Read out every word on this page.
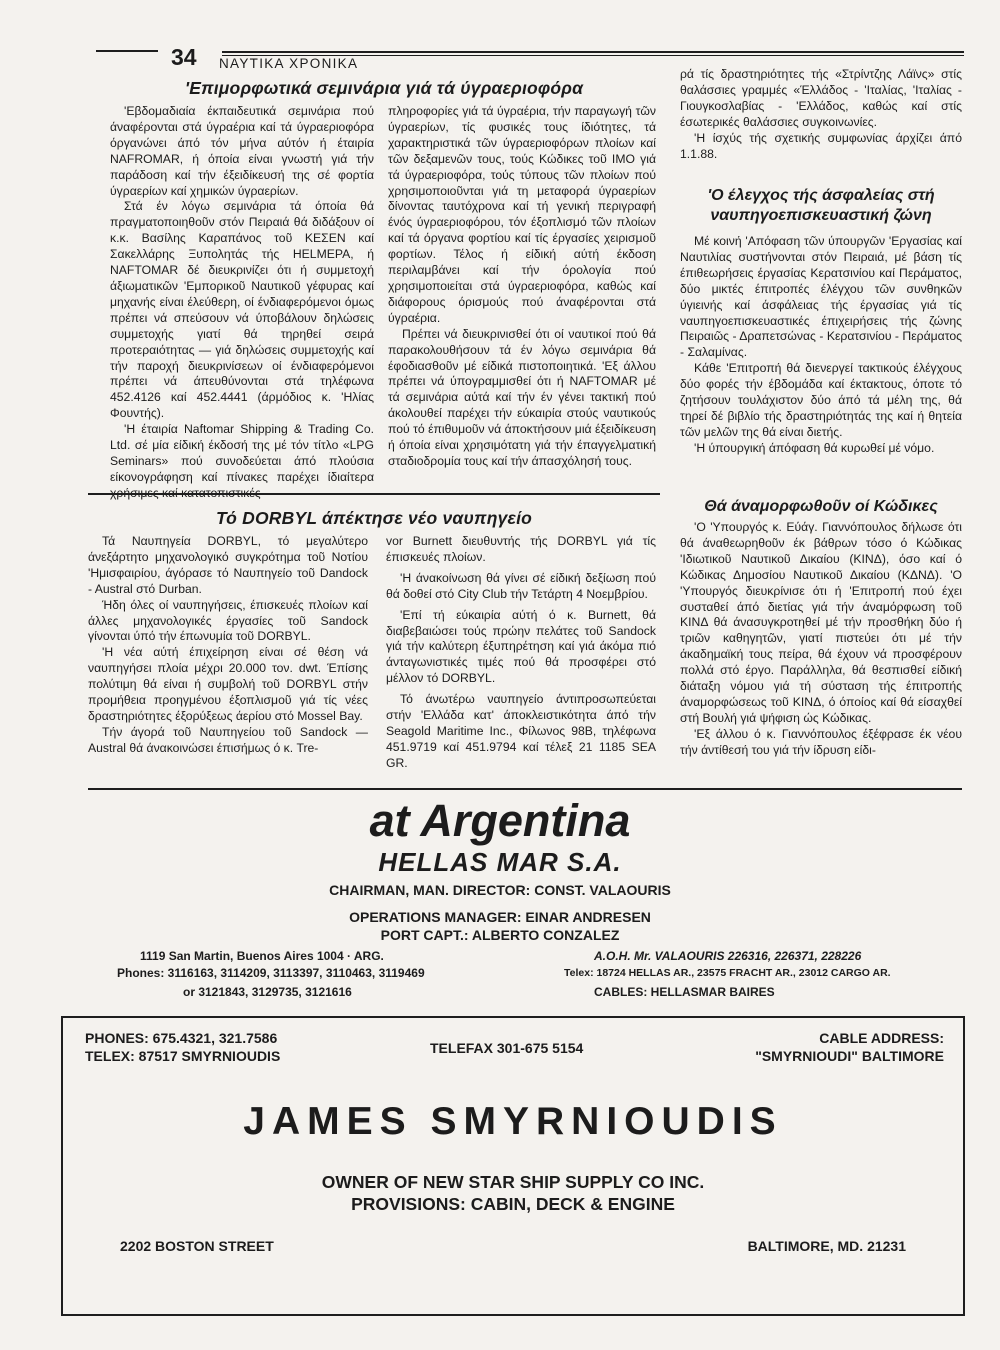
34 ΝΑΥΤΙΚΑ ΧΡΟΝΙΚΑ
'Επιμορφωτικά σεμινάρια γιά τά ύγραεριοφόρα

'Εβδομαδιαία έκπαιδευτικά σεμινάρια πού άναφέρονται στά ύγραέρια καί τά ύγραεριοφόρα όργανώνει άπό τόν μήνα αύτόν ή έταιρία NAFROMAR, ή όποία είναι γνωστή γιά τήν παράδοση καί τήν έξειδίκευσή της σέ φορτία ύγραερίων καί χημικών ύγραερίων.

Στά έν λόγω σεμινάρια τά όποία θά πραγματοποιηθοῦν στόν Πειραιά θά διδάξουν οί κ.κ. Βασίλης Καραπάνος τοῦ ΚΕΣΕΝ καί Σακελλάρης Ξυπολητάς τής HELMEPA, ή NAFTOMAR δέ διευκρινίζει ότι ή συμμετοχή άξιωματικῶν 'Εμπορικοῦ Ναυτικοῦ γέφυρας καί μηχανής είναι έλεύθερη, οί ένδιαφερόμενοι όμως πρέπει νά σπεύσουν νά ύποβάλουν δηλώσεις συμμετοχής γιατί θά τηρηθεί σειρά προτεραιότητας — γιά δηλώσεις συμμετοχής καί τήν παροχή διευκρινίσεων οί ένδιαφερόμενοι πρέπει νά άπευθύνονται στά τηλέφωνα 452.4126 καί 452.4441 (άρμόδιος κ. 'Ηλίας Φουντής).

'Η έταιρία Naftomar Shipping & Trading Co. Ltd. σέ μία είδική έκδοσή της μέ τόν τίτλο «LPG Seminars» πού συνοδεύεται άπό πλούσια είκονογράφηση καί πίνακες παρέχει ίδιαίτερα

πληροφορίες γιά τά ύγραέρια, τήν παραγωγή τῶν ύγραερίων, τίς φυσικές τους ίδιότητες, τά χαρακτηριστικά τῶν ύγραεριοφόρων πλοίων καί τῶν δεξαμενῶν τους, τούς Κώδικες τοῦ ΙΜΟ γιά τά ύγραεριοφόρα, τούς τύπους τῶν πλοίων πού χρησιμοποιοῦνται γιά τη μεταφορά ύγραερίων δίνοντας ταυτόχρονα καί τή γενική περιγραφή ένός ύγραεριοφόρου, τόν έξοπλισμό τῶν πλοίων καί τά όργανα φορτίου καί τίς έργασίες χειρισμοῦ φορτίων. Τέλος ή είδική αύτή έκδοση περιλαμβάνει καί τήν όρολογία πού χρησιμοποιείται στά ύγραεριοφόρα, καθώς καί διάφορους όρισμούς πού άναφέρονται στά ύγραέρια.

Πρέπει νά διευκρινισθεί ότι οί ναυτικοί πού θά παρακολουθήσουν τά έν λόγω σεμινάρια θά έφοδιασθοῦν μέ είδικά πιστοποιητικά. 'Εξ άλλου πρέπει νά ύπογραμμισθεί ότι ή NAFTOMAR μέ τά σεμινάρια αύτά καί τήν έν γένει τακτική πού άκολουθεί παρέχει τήν εύκαιρία στούς ναυτικούς πού τό έπιθυμοῦν νά άποκτήσουν μιά έξειδίκευση ή όποία είναι χρησιμότατη γιά τήν έπαγγελματική σταδιοδρομία τους καί τήν άπασχόλησή τους.

ρά τίς δραστηριότητες τής «Στρίντζης Λάϊνς» στίς θαλάσσιες γραμμές «Έλλάδος - 'Ιταλίας, 'Ιταλίας - Γιουγκοσλαβίας - 'Ελλάδος, καθώς καί στίς έσωτερικές θαλάσσιες συγκοινωνίες.

'Η ίσχύς τής σχετικής συμφωνίας άρχίζει άπό 1.1.88.

'Ο έλεγχος τής άσφαλείας στή ναυπηγοεπισκευαστική ζώνη

Μέ κοινή 'Απόφαση τῶν ύπουργῶν 'Εργασίας καί Ναυτιλίας συστήνονται στόν Πειραιά, μέ βάση τίς έπιθεωρήσεις έργασίας Κερατσινίου καί Περάματος, δύο μικτές έπιτροπές έλέγχου τῶν συνθηκῶν ύγιεινής καί άσφάλειας τής έργασίας γιά τίς ναυπηγοεπισκευαστικές έπιχειρήσεις τής ζώνης Πειραιῶς - Δραπετσώνας - Κερατσινίου - Περάματος - Σαλαμίνας.

Κάθε 'Επιτροπή θά διενεργεί τακτικούς έλέγχους δύο φορές τήν έβδομάδα καί έκτακτους, όποτε τό ζητήσουν τουλάχιστον δύο άπό τά μέλη της, θά τηρεί δέ βιβλίο τής δραστηριότητάς της καί ή θητεία τῶν μελῶν της θά είναι διετής.

'Η ύπουργική άπόφαση θά κυρωθεί μέ νόμο.

Θά άναμορφωθοῦν οί Κώδικες

'Ο 'Υπουργός κ. Εύάγ. Γιαννόπουλος δήλωσε ότι θά άναθεωρηθοῦν έκ βάθρων τόσο ό Κώδικας 'Ιδιωτικοῦ Ναυτικοῦ Δικαίου (ΚΙΝΔ), όσο καί ό Κώδικας Δημοσίου Ναυτικοῦ Δικαίου (ΚΔΝΔ). 'Ο 'Υπουργός διευκρίνισε ότι ή 'Επιτροπή πού έχει συσταθεί άπό διετίας γιά τήν άναμόρφωση τοῦ ΚΙΝΔ θά άνασυγκροτηθεί μέ τήν προσθήκη δύο ή τριῶν καθηγητῶν, γιατί πιστεύει ότι μέ τήν άκαδημαϊκή τους πείρα, θά έχουν νά προσφέρουν πολλά στό έργο. Παράλληλα, θά θεσπισθεί είδική διάταξη νόμου γιά τή σύσταση τής έπιτροπής άναμορφώσεως τοῦ ΚΙΝΔ, ό όποίος καί θά είσαχθεί στή Βουλή γιά ψήφιση ώς Κώδικας.

'Εξ άλλου ό κ. Γιαννόπουλος έξέφρασε έκ νέου τήν άντίθεσή του γιά τήν ίδρυση είδι-

Τό DORBYL άπέκτησε νέο ναυπηγείο

Τά Ναυπηγεία DORBYL, τό μεγαλύτερο άνεξάρτητο μηχανολογικό συγκρότημα τοῦ Νοτίου 'Ημισφαιρίου, άγόρασε τό Ναυπηγείο τοῦ Dandock - Austral στό Durban.

Ήδη όλες οί ναυπηγήσεις, έπισκευές πλοίων καί άλλες μηχανολογικές έργασίες τοῦ Sandock γίνονται ύπό τήν έπωνυμία τοῦ DORBYL.

'Η νέα αύτή έπιχείρηση είναι σέ θέση νά ναυπηγήσει πλοία μέχρι 20.000 τον. dwt. Έπίσης πολύτιμη θά είναι ή συμβολή τοῦ DORBYL στήν προμήθεια προηγμένου έξοπλισμοῦ γιά τίς νέες δραστηριότητες έξορύξεως άερίου στό Mossel Bay.

Τήν άγορά τοῦ Ναυπηγείου τοῦ Sandock — Austral θά άνακοινώσει έπισήμως ό κ. Tre-

vor Burnett διευθυντής τής DORBYL γιά τίς έπισκευές πλοίων.

'Η άνακοίνωση θά γίνει σέ είδική δεξίωση πού θά δοθεί στό City Club τήν Τετάρτη 4 Νοεμβρίου.

'Επί τή εύκαιρία αύτή ό κ. Burnett, θά διαβεβαιώσει τούς πρώην πελάτες τοῦ Sandock γιά τήν καλύτερη έξυπηρέτηση καί γιά άκόμα πιό άνταγωνιστικές τιμές πού θά προσφέρει στό μέλλον τό DORBYL.

Τό άνωτέρω ναυπηγείο άντιπροσωπεύεται στήν 'Ελλάδα κατ' άποκλειστικότητα άπό τήν Seagold Maritime Inc., Φίλωνος 98Β, τηλέφωνα 451.9719 καί 451.9794 καί τέλεξ 21 1185 SEA GR.

at Argentina
HELLAS MAR S.A.
CHAIRMAN, MAN. DIRECTOR: CONST. VALAOURIS
OPERATIONS MANAGER: EINAR ANDRESEN
PORT CAPT.: ALBERTO CONZALEZ
1119 San Martin, Buenos Aires 1004 · ARG.
Phones: 3116163, 3114209, 3113397, 3110463, 3119469
or 3121843, 3129735, 3121616
A.O.H. Mr. VALAOURIS 226316, 226371, 228226
Telex: 18724 HELLAS AR., 23575 FRACHT AR., 23012 CARGO AR.
CABLES: HELLASMAR BAIRES
PHONES: 675.4321, 321.7586
TELEX: 87517 SMYRNIOUDIS	TELEFAX 301-675 5154
CABLE ADDRESS:
"SMYRNIOUDI" BALTIMORE
JAMES SMYRNIOUDIS
OWNER OF NEW STAR SHIP SUPPLY CO INC.
PROVISIONS: CABIN, DECK & ENGINE
2202 BOSTON STREET	BALTIMORE, MD. 21231
